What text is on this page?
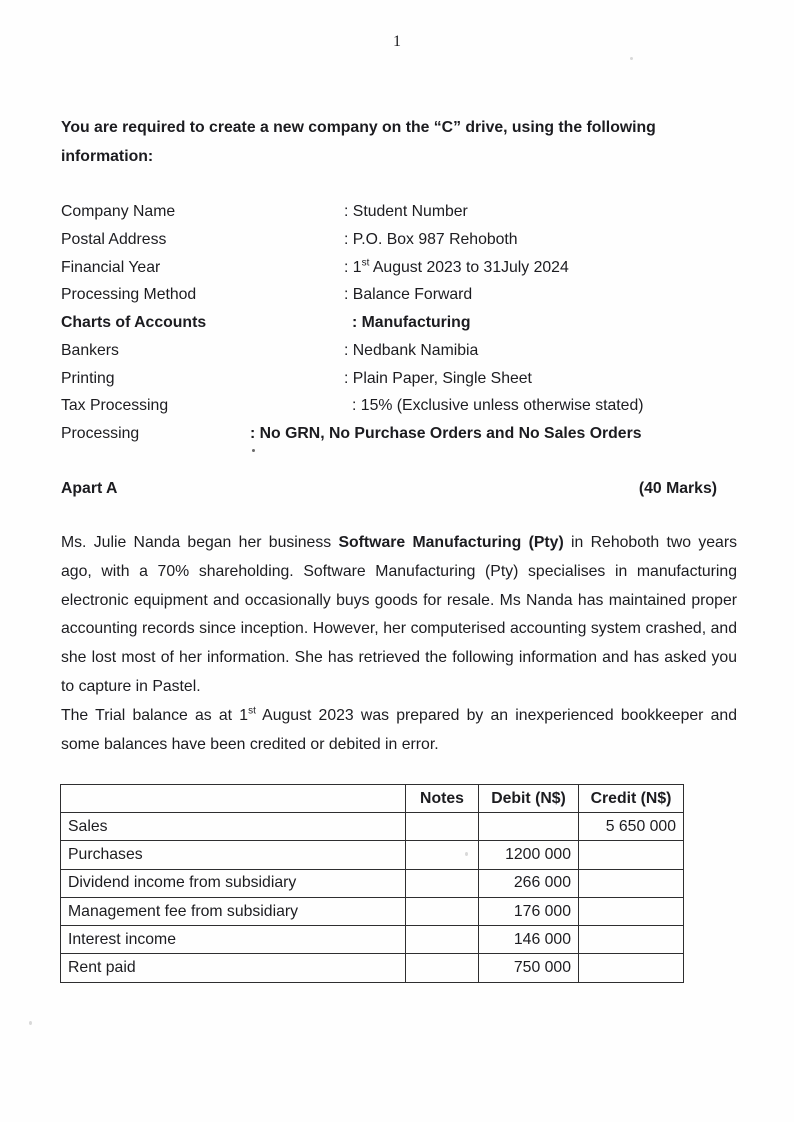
1
You are required to create a new company on the “C” drive, using the following
information:
Company Name	: Student Number
Postal Address	: P.O. Box 987 Rehoboth
Financial Year	: 1st August 2023 to 31July 2024
Processing Method	: Balance Forward
Charts of Accounts	: Manufacturing
Bankers	: Nedbank Namibia
Printing	: Plain Paper, Single Sheet
Tax Processing	: 15% (Exclusive unless otherwise stated)
Processing	: No GRN, No Purchase Orders and No Sales Orders
Apart A	(40 Marks)
Ms. Julie Nanda began her business Software Manufacturing (Pty) in Rehoboth two years ago, with a 70% shareholding. Software Manufacturing (Pty) specialises in manufacturing electronic equipment and occasionally buys goods for resale. Ms Nanda has maintained proper accounting records since inception. However, her computerised accounting system crashed, and she lost most of her information. She has retrieved the following information and has asked you to capture in Pastel.
The Trial balance as at 1st August 2023 was prepared by an inexperienced bookkeeper and some balances have been credited or debited in error.
	Notes	Debit (N$)	Credit (N$)
Sales			5 650 000
Purchases		1200 000	
Dividend income from subsidiary		266 000	
Management fee from subsidiary		176 000	
Interest income		146 000	
Rent paid		750 000	
